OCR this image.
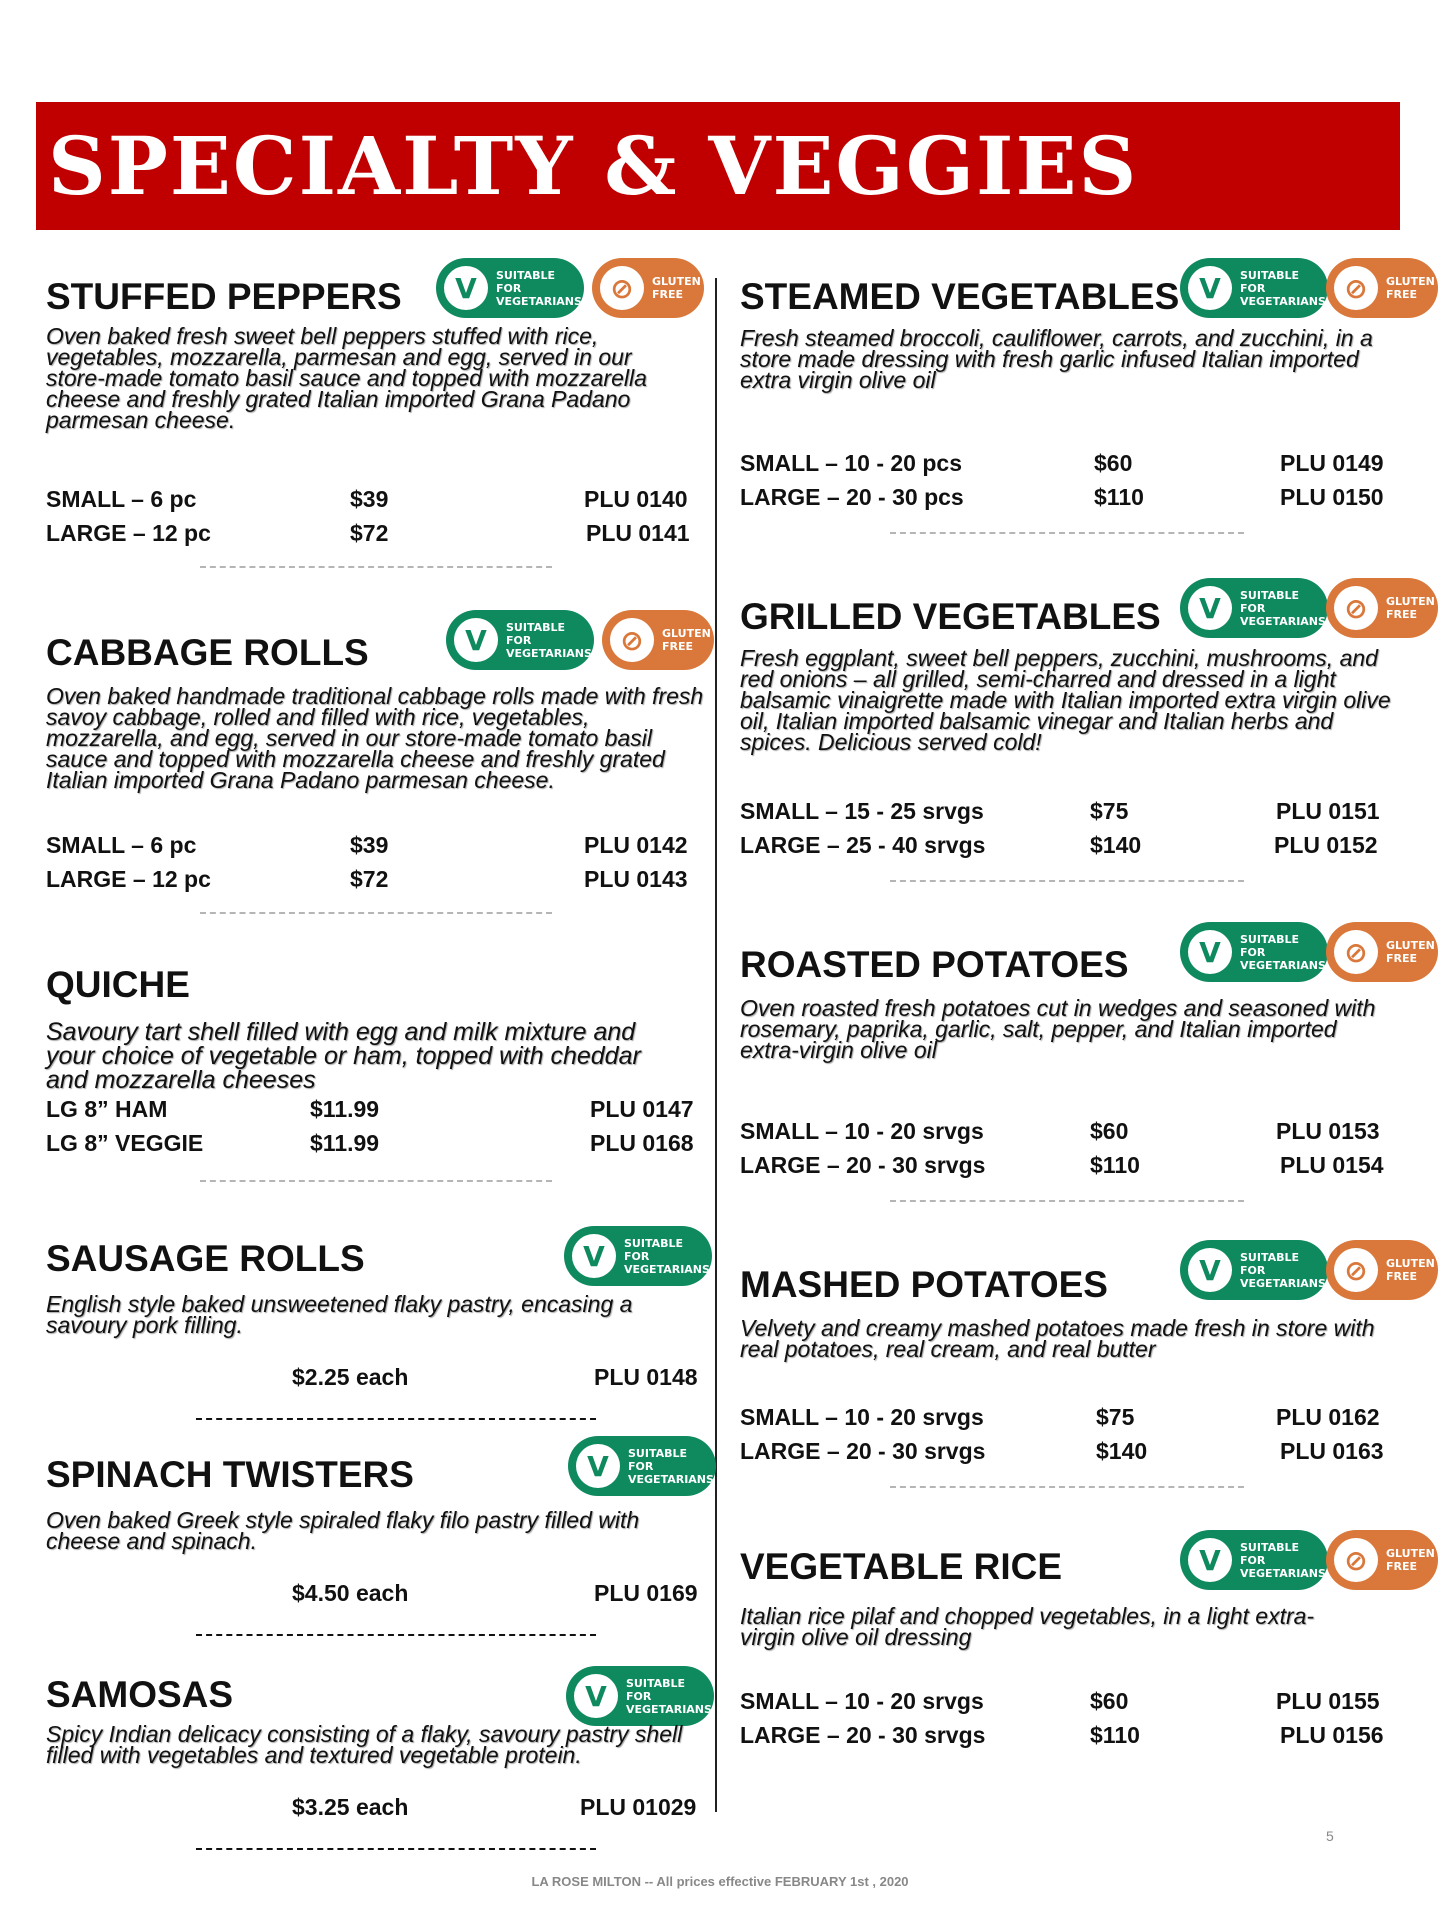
SPECIALTY & VEGGIES
STUFFED PEPPERS	V	SUITABLE FOR
VEGETARIANS	⊘	GLUTEN
FREE

Oven baked fresh sweet bell peppers stuffed with rice, vegetables, mozzarella, parmesan and egg, served in our store-made tomato basil sauce and topped with mozzarella cheese and freshly grated Italian imported Grana Padano parmesan cheese.

SMALL – 6 pc	$39	PLU 0140
LARGE – 12 pc	$72	PLU 0141
CABBAGE ROLLS	V	SUITABLE FOR
VEGETARIANS	⊘	GLUTEN
FREE

Oven baked handmade traditional cabbage rolls made with fresh savoy cabbage, rolled and filled with rice, vegetables, mozzarella, and egg, served in our store-made tomato basil sauce and topped with mozzarella cheese and freshly grated Italian imported Grana Padano parmesan cheese.

SMALL – 6 pc	$39	PLU 0142
LARGE – 12 pc	$72	PLU 0143
QUICHE

Savoury tart shell filled with egg and milk mixture and your choice of vegetable or ham, topped with cheddar and mozzarella cheeses

LG 8” HAM	$11.99	PLU 0147
LG 8” VEGGIE	$11.99	PLU 0168
SAUSAGE ROLLS	V	SUITABLE FOR
VEGETARIANS

English style baked unsweetened flaky pastry, encasing a savoury pork filling.

$2.25 each	PLU 0148
SPINACH TWISTERS	V	SUITABLE FOR
VEGETARIANS

Oven baked Greek style spiraled flaky filo pastry filled with cheese and spinach.

$4.50 each	PLU 0169
SAMOSAS	V	SUITABLE FOR
VEGETARIANS

Spicy Indian delicacy consisting of a flaky, savoury pastry shell filled with vegetables and textured vegetable protein.

$3.25 each	PLU 01029
STEAMED VEGETABLES V	SUITABLE FOR
VEGETARIANS ⊘	GLUTEN
FREE

Fresh steamed broccoli, cauliflower, carrots, and zucchini, in a store made dressing with fresh garlic infused Italian imported extra virgin olive oil

SMALL – 10 - 20 pcs	$60	PLU 0149
LARGE – 20 - 30 pcs	$110	PLU 0150
GRILLED VEGETABLES	V	SUITABLE FOR
VEGETARIANS ⊘	GLUTEN
FREE

Fresh eggplant, sweet bell peppers, zucchini, mushrooms, and red onions – all grilled, semi-charred and dressed in a light balsamic vinaigrette made with Italian imported extra virgin olive oil, Italian imported balsamic vinegar and Italian herbs and spices. Delicious served cold!

SMALL – 15 - 25 srvgs	$75	PLU 0151
LARGE – 25 - 40 srvgs	$140	PLU 0152
ROASTED POTATOES	V	SUITABLE FOR
VEGETARIANS ⊘	GLUTEN
FREE

Oven roasted fresh potatoes cut in wedges and seasoned with rosemary, paprika, garlic, salt, pepper, and Italian imported extra-virgin olive oil

SMALL – 10 - 20 srvgs	$60	PLU 0153
LARGE – 20 - 30 srvgs	$110	PLU 0154
MASHED POTATOES	V	SUITABLE FOR
VEGETARIANS ⊘	GLUTEN
FREE

Velvety and creamy mashed potatoes made fresh in store with real potatoes, real cream, and real butter

SMALL – 10 - 20 srvgs	$75	PLU 0162
LARGE – 20 - 30 srvgs	$140	PLU 0163
VEGETABLE RICE	V	SUITABLE FOR
VEGETARIANS ⊘	GLUTEN
FREE

Italian rice pilaf and chopped vegetables, in a light extra-virgin olive oil dressing

SMALL – 10 - 20 srvgs	$60	PLU 0155
LARGE – 20 - 30 srvgs	$110	PLU 0156
5
LA ROSE MILTON -- All prices effective FEBRUARY 1st , 2020
